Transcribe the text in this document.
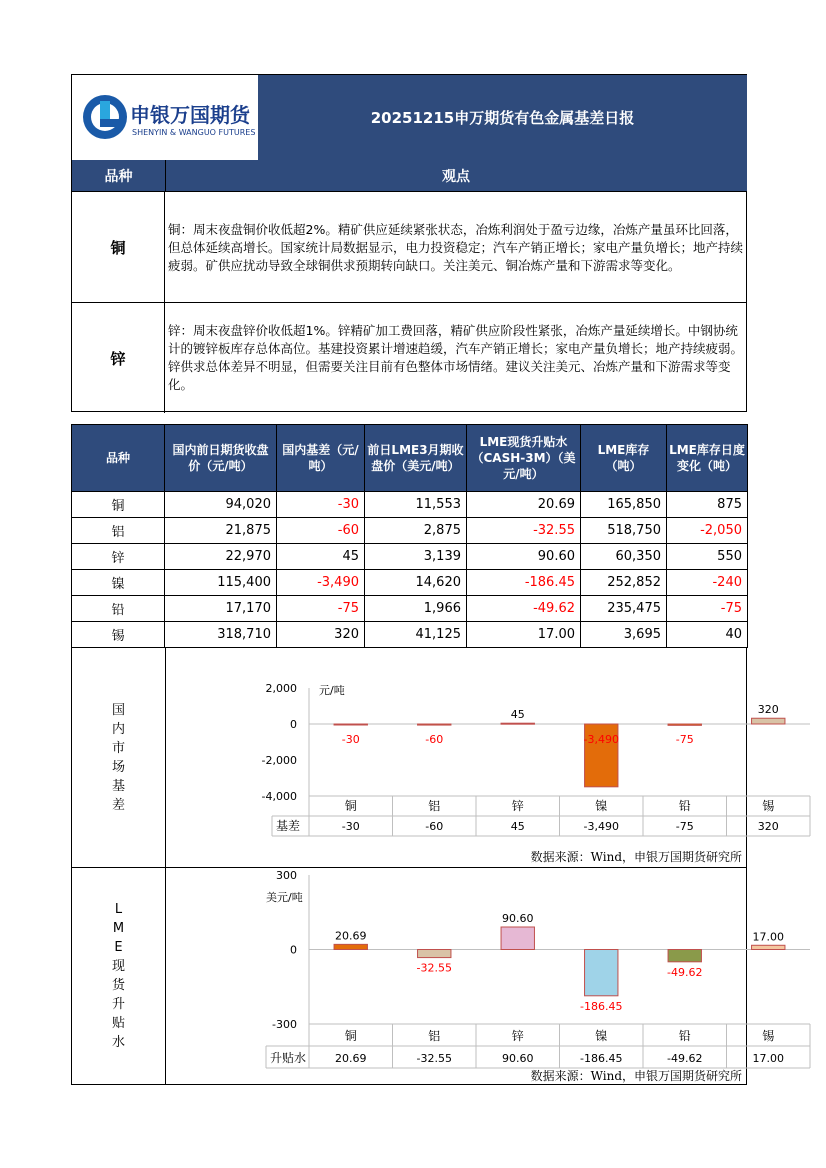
申银万国期货
SHENYIN & WANGUO FUTURES
20251215申万期货有色金属基差日报
品种	观点
铜
铜：周末夜盘铜价收低超2%。精矿供应延续紧张状态，冶炼利润处于盈亏边缘，冶炼产量虽环比回落，但总体延续高增长。国家统计局数据显示，电力投资稳定；汽车产销正增长；家电产量负增长；地产持续疲弱。矿供应扰动导致全球铜供求预期转向缺口。关注美元、铜冶炼产量和下游需求等变化。
锌
锌：周末夜盘锌价收低超1%。锌精矿加工费回落，精矿供应阶段性紧张，冶炼产量延续增长。中钢协统计的镀锌板库存总体高位。基建投资累计增速趋缓，汽车产销正增长；家电产量负增长；地产持续疲弱。锌供求总体差异不明显，但需要关注目前有色整体市场情绪。建议关注美元、冶炼产量和下游需求等变化。
品种	国内前日期货收盘价（元/吨）	国内基差（元/吨）	前日LME3月期收盘价（美元/吨）	LME现货升贴水（CASH-3M）（美元/吨）	LME库存（吨）	LME库存日度变化（吨）
铜	94,020	-30	11,553	20.69	165,850	875
铝	21,875	-60	2,875	-32.55	518,750	-2,050
锌	22,970	45	3,139	90.60	60,350	550
镍	115,400	-3,490	14,620	-186.45	252,852	-240
铅	17,170	-75	1,966	-49.62	235,475	-75
锡	318,710	320	41,125	17.00	3,695	40
国内市场基差
2,000
0
-2,000
-4,000
元/吨
-30	-60
45
-3,490	-75
320
铜
-30
铝
-60
锌
45
镍
-3,490
铅
-75
锡
320
基差
数据来源：Wind，申银万国期货研究所
LME现货升贴水
300
0
-300
美元/吨
20.69
-32.55
90.60
-186.45
-49.62
17.00
铜
20.69
铝
-32.55
锌
90.60
镍
-186.45
铅
-49.62
锡
17.00
升贴水
数据来源：Wind，申银万国期货研究所
